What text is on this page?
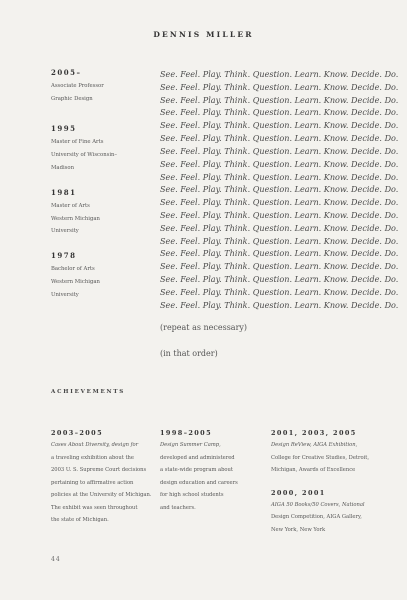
DENNIS MILLER
2005–
Associate Professor
Graphic Design
1995
Master of Fine Arts
University of Wisconsin–
Madison
1981
Master of Arts
Western Michigan
University
1978
Bachelor of Arts
Western Michigan
University
See. Feel. Play. Think. Question. Learn. Know. Decide. Do.
See. Feel. Play. Think. Question. Learn. Know. Decide. Do.
See. Feel. Play. Think. Question. Learn. Know. Decide. Do.
See. Feel. Play. Think. Question. Learn. Know. Decide. Do.
See. Feel. Play. Think. Question. Learn. Know. Decide. Do.
See. Feel. Play. Think. Question. Learn. Know. Decide. Do.
See. Feel. Play. Think. Question. Learn. Know. Decide. Do.
See. Feel. Play. Think. Question. Learn. Know. Decide. Do.
See. Feel. Play. Think. Question. Learn. Know. Decide. Do.
See. Feel. Play. Think. Question. Learn. Know. Decide. Do.
See. Feel. Play. Think. Question. Learn. Know. Decide. Do.
See. Feel. Play. Think. Question. Learn. Know. Decide. Do.
See. Feel. Play. Think. Question. Learn. Know. Decide. Do.
See. Feel. Play. Think. Question. Learn. Know. Decide. Do.
See. Feel. Play. Think. Question. Learn. Know. Decide. Do.
See. Feel. Play. Think. Question. Learn. Know. Decide. Do.
See. Feel. Play. Think. Question. Learn. Know. Decide. Do.
See. Feel. Play. Think. Question. Learn. Know. Decide. Do.
See. Feel. Play. Think. Question. Learn. Know. Decide. Do.
(repeat as necessary)
(in that order)
ACHIEVEMENTS
2003–2005
Cases About Diversity, design for
a traveling exhibition about the
2003 U. S. Supreme Court decisions
pertaining to affirmative action
policies at the University of Michigan.
The exhibit was seen throughout
the state of Michigan.
1998–2005
Design Summer Camp,
developed and administered
a state-wide program about
design education and careers
for high school students
and teachers.
2001, 2003, 2005
Design ReView, AIGA Exhibition,
College for Creative Studies, Detroit,
Michigan, Awards of Excellence
2000, 2001
AIGA 50 Books/50 Covers, National
Design Competition, AIGA Gallery,
New York, New York
44
